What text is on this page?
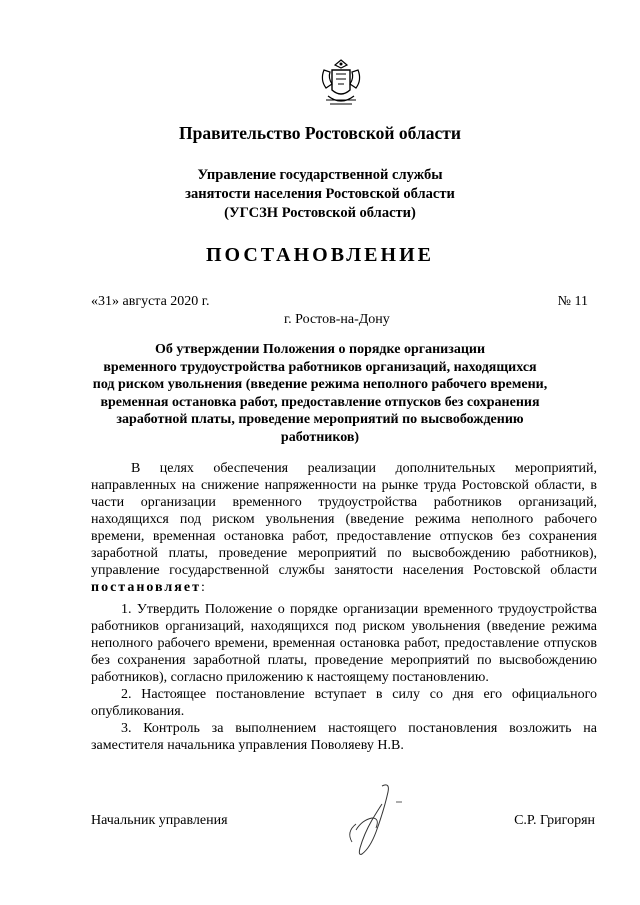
Правительство Ростовской области
Управление государственной службы
занятости населения Ростовской области
(УГСЗН Ростовской области)
ПОСТАНОВЛЕНИЕ
«31» августа 2020 г.	№ 11
г. Ростов-на-Дону
Об утверждении Положения о порядке организации
временного трудоустройства работников организаций, находящихся
под риском увольнения (введение режима неполного рабочего времени,
временная остановка работ, предоставление отпусков без сохранения
заработной платы, проведение мероприятий по высвобождению
работников)
В целях обеспечения реализации дополнительных мероприятий, направленных на снижение напряженности на рынке труда Ростовской области, в части организации временного трудоустройства работников организаций, находящихся под риском увольнения (введение режима неполного рабочего времени, временная остановка работ, предоставление отпусков без сохранения заработной платы, проведение мероприятий по высвобождению работников), управление государственной службы занятости населения Ростовской области постановляет:

1. Утвердить Положение о порядке организации временного трудоустройства работников организаций, находящихся под риском увольнения (введение режима неполного рабочего времени, временная остановка работ, предоставление отпусков без сохранения заработной платы, проведение мероприятий по высвобождению работников), согласно приложению к настоящему постановлению.

2. Настоящее постановление вступает в силу со дня его официального опубликования.

3. Контроль за выполнением настоящего постановления возложить на заместителя начальника управления Поволяеву Н.В.

Начальник управления	С.Р. Григорян
